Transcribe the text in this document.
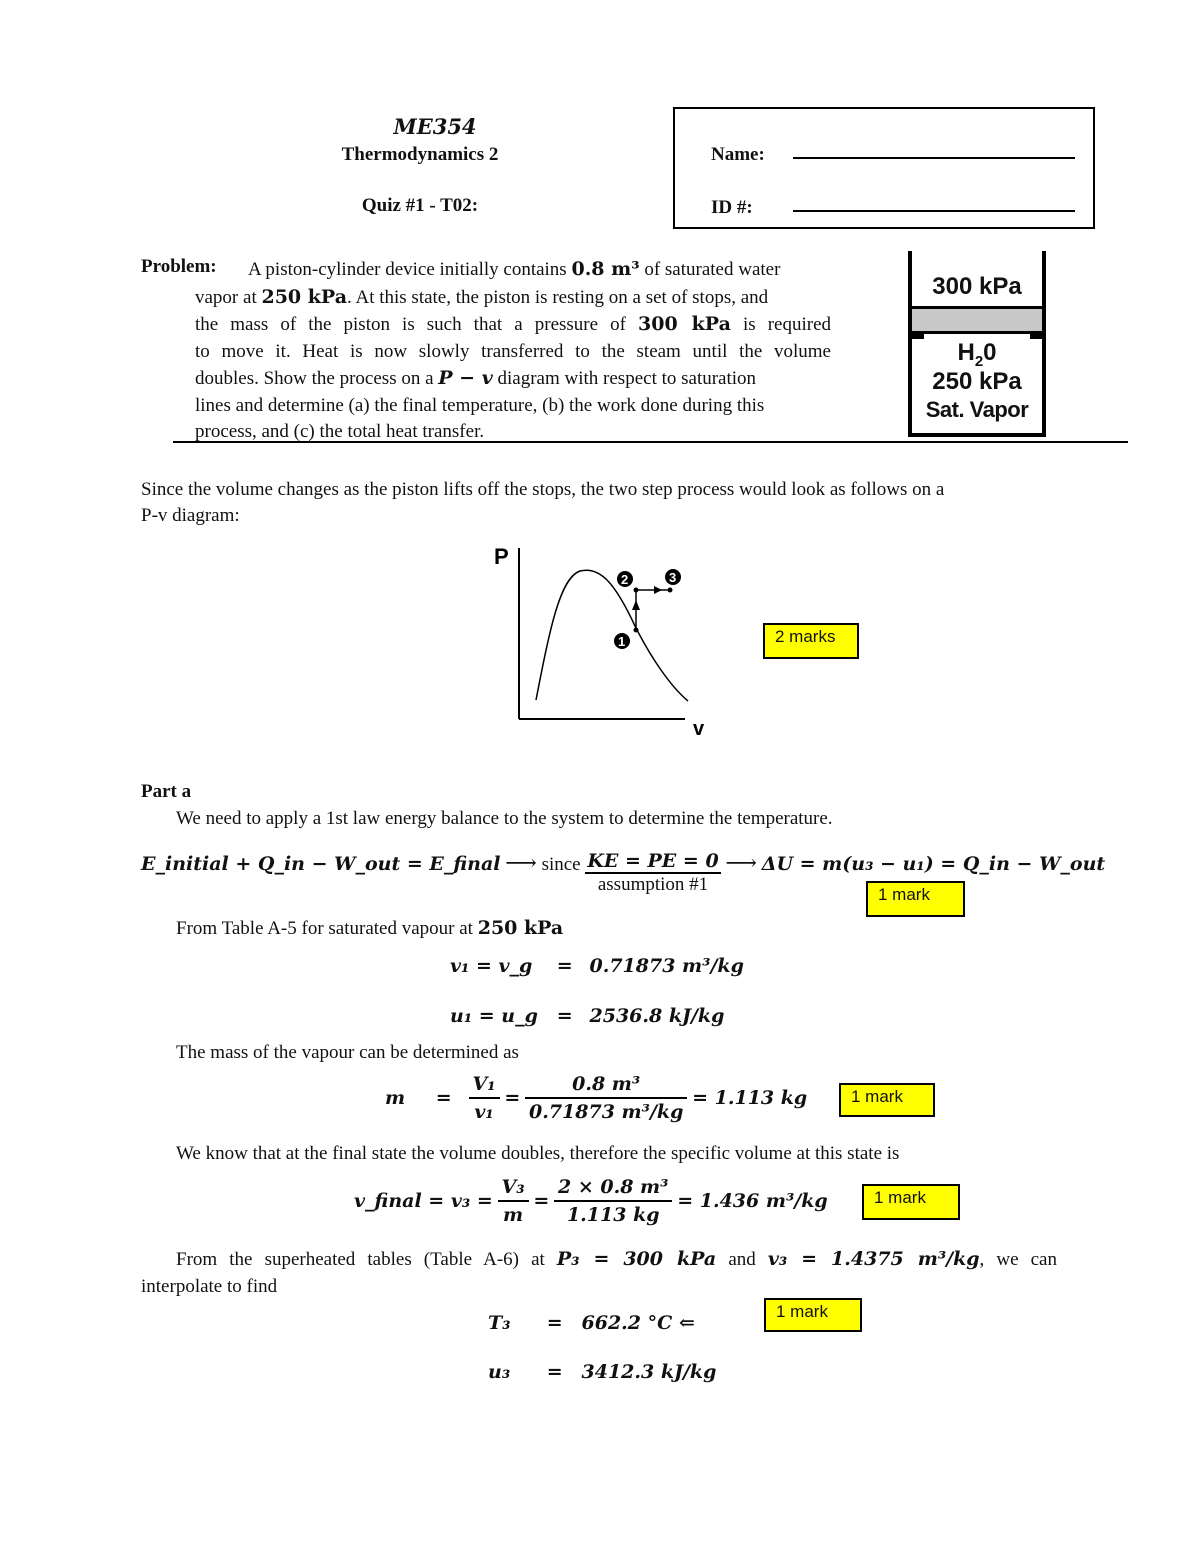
ME354
Thermodynamics 2
Quiz #1 - T02:
Name:
ID #:
Problem: A piston-cylinder device initially contains 0.8 m³ of saturated water
vapor at 250 kPa. At this state, the piston is resting on a set of stops, and
the mass of the piston is such that a pressure of 300 kPa is required
to move it. Heat is now slowly transferred to the steam until the volume
doubles. Show the process on a P − v diagram with respect to saturation
lines and determine (a) the final temperature, (b) the work done during this
process, and (c) the total heat transfer.
300 kPa
$H_20$
250 kPa
Sat. Vapor
Since the volume changes as the piston lifts off the stops, the two step process would look as follows on a
P-v diagram:
P
v
1
2	3
2 marks
Part a
We need to apply a 1st law energy balance to the system to determine the temperature.
E_initial + Q_in − W_out = E_final ⟶ since KE = PE = 0
assumption #1
⟶ ΔU = m(u₃ − u₁) = Q_in − W_out
1 mark
From Table A-5 for saturated vapour at 250 kPa
v₁ = v_g = 0.71873 m³/kg
u₁ = u_g = 2536.8 kJ/kg
The mass of the vapour can be determined as
$m = \frac{\text{V₁}}{\text{v₁}} = \frac{\text{0.8 m³}}{\text{0.71873 m³/kg}} = 1.113$ kg	1 mark
We know that at the final state the volume doubles, therefore the specific volume at this state is
v_final = $v_3 = \frac{\text{V₃}}{m} = \frac{\text{2 × 0.8 m³}}{1.113 kg} = 1.436$ m³/kg	1 mark
From the superheated tables (Table A-6) at P₃ = 300 kPa and v₃ = 1.4375 m³/kg, we can
interpolate to find
T₃ = 662.2 °C ⇐
1 mark
u₃ = 3412.3 kJ/kg
